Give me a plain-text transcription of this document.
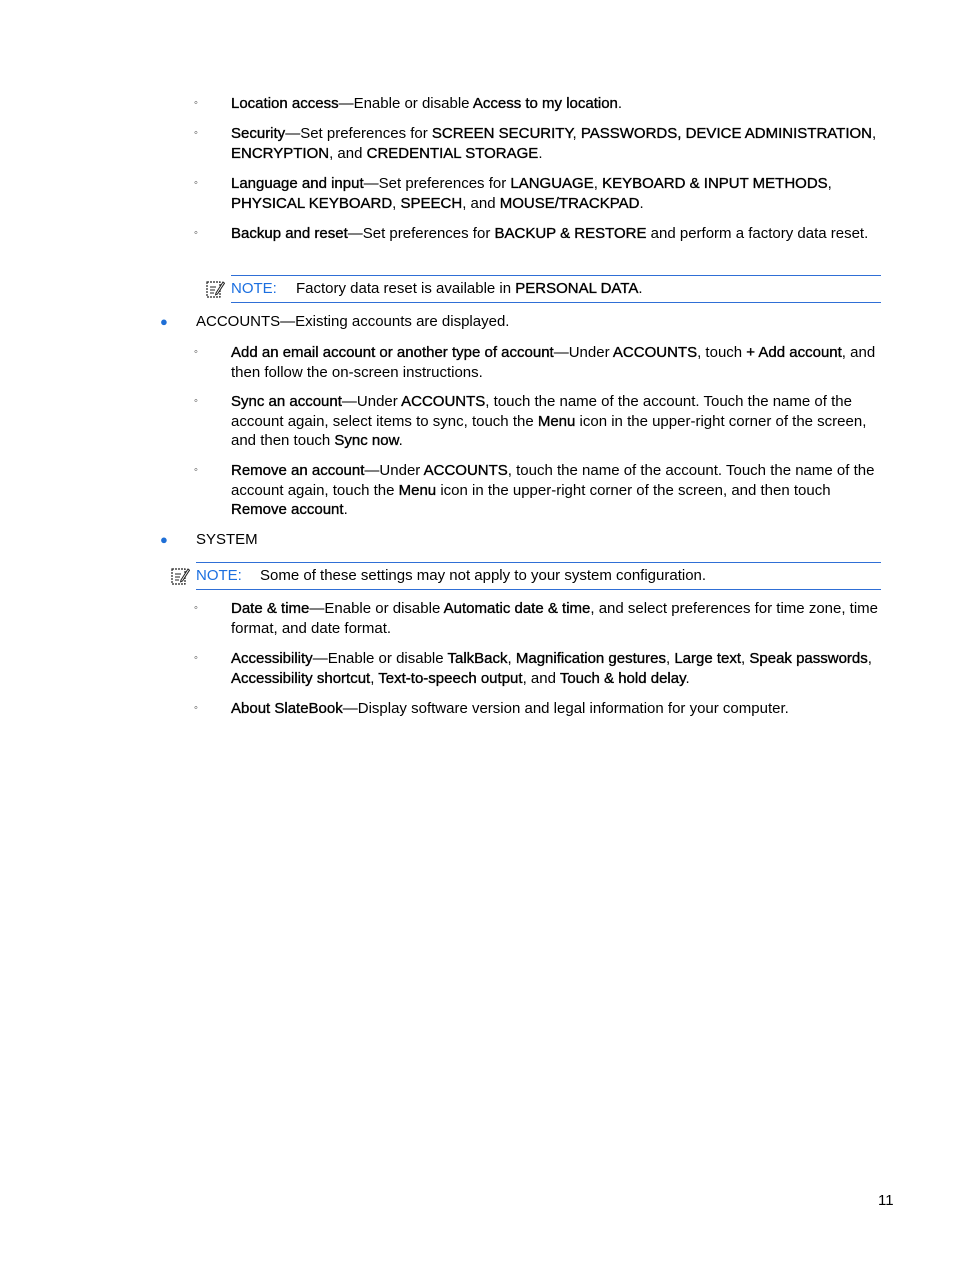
◦	Location access—Enable or disable Access to my location.
◦	Security—Set preferences for SCREEN SECURITY, PASSWORDS, DEVICE ADMINISTRATION, ENCRYPTION, and CREDENTIAL STORAGE.
◦	Language and input—Set preferences for LANGUAGE, KEYBOARD & INPUT METHODS, PHYSICAL KEYBOARD, SPEECH, and MOUSE/TRACKPAD.
◦	Backup and reset—Set preferences for BACKUP & RESTORE and perform a factory data reset.
NOTE: Factory data reset is available in PERSONAL DATA.
● ACCOUNTS—Existing accounts are displayed.
◦	Add an email account or another type of account—Under ACCOUNTS, touch + Add account, and then follow the on-screen instructions.
◦	Sync an account—Under ACCOUNTS, touch the name of the account. Touch the name of the account again, select items to sync, touch the Menu icon in the upper-right corner of the screen, and then touch Sync now.
◦	Remove an account—Under ACCOUNTS, touch the name of the account. Touch the name of the account again, touch the Menu icon in the upper-right corner of the screen, and then touch Remove account.
● SYSTEM
NOTE: Some of these settings may not apply to your system configuration.
◦	Date & time—Enable or disable Automatic date & time, and select preferences for time zone, time format, and date format.
◦	Accessibility—Enable or disable TalkBack, Magnification gestures, Large text, Speak passwords, Accessibility shortcut, Text-to-speech output, and Touch & hold delay.
◦	About SlateBook—Display software version and legal information for your computer.
11
